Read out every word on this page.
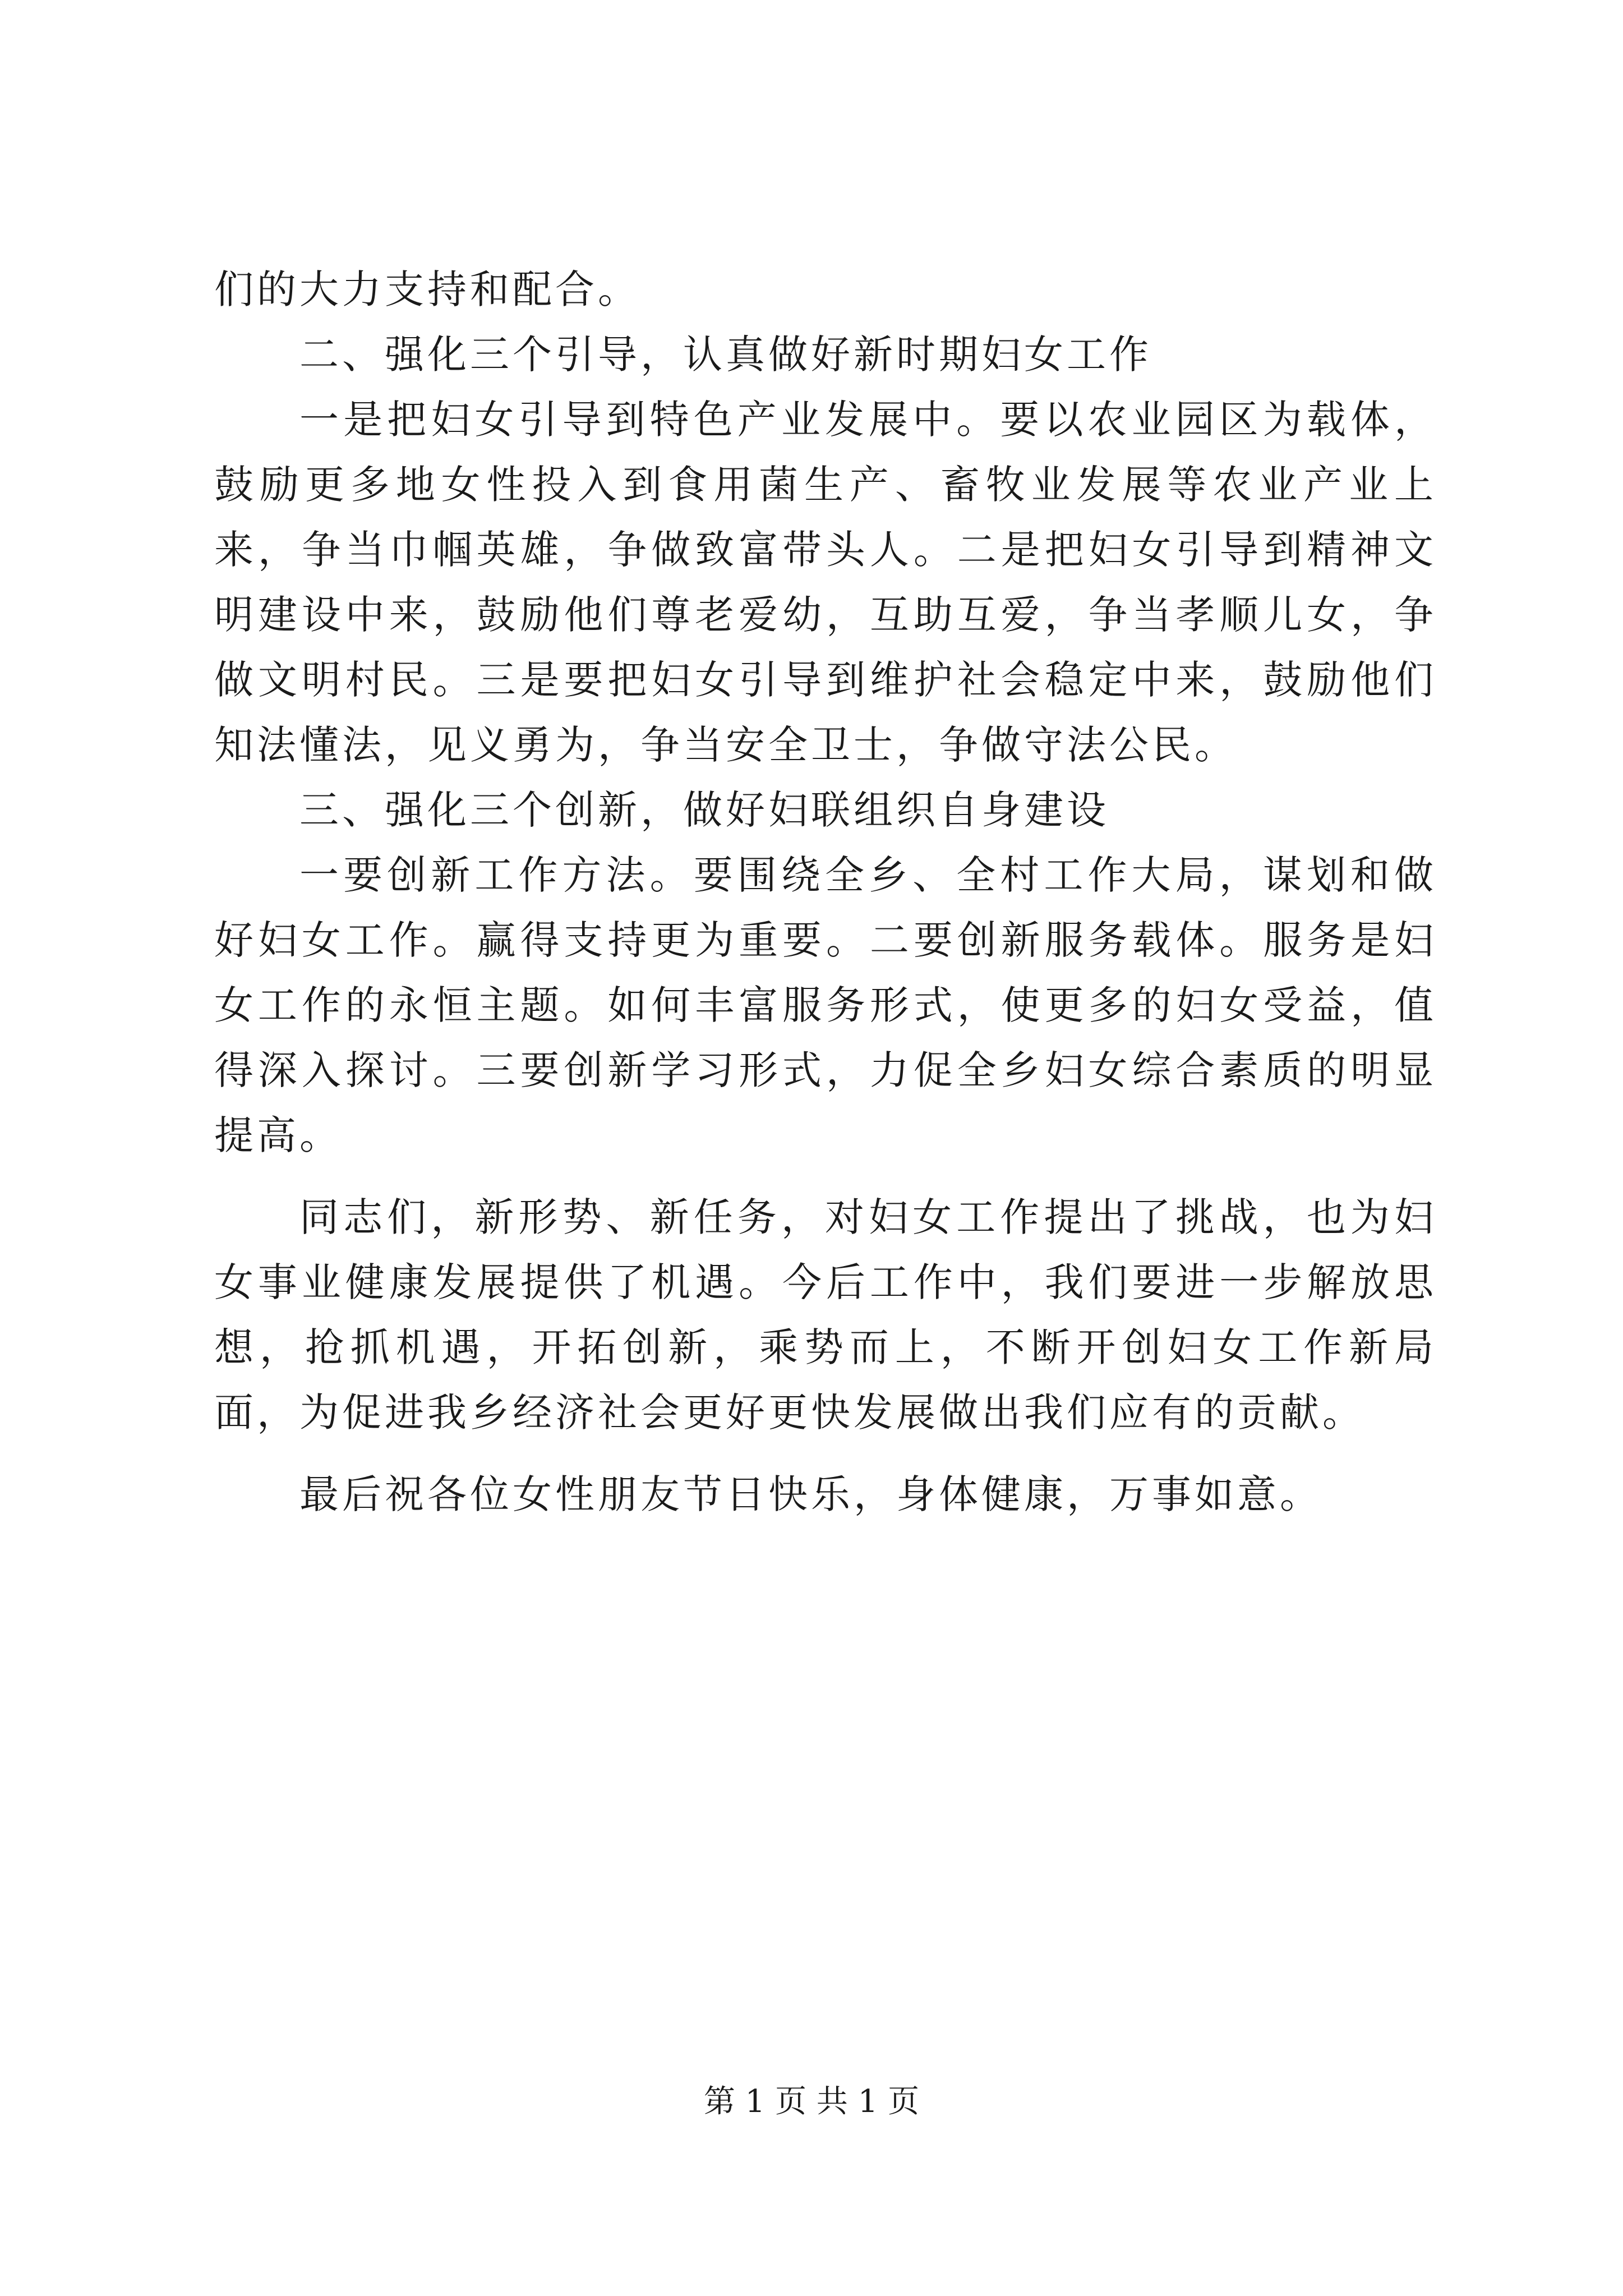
们的大力支持和配合。

二、强化三个引导，认真做好新时期妇女工作

一是把妇女引导到特色产业发展中。要以农业园区为载体，鼓励更多地女性投入到食用菌生产、畜牧业发展等农业产业上来，争当巾帼英雄，争做致富带头人。二是把妇女引导到精神文明建设中来，鼓励他们尊老爱幼，互助互爱，争当孝顺儿女，争做文明村民。三是要把妇女引导到维护社会稳定中来，鼓励他们知法懂法，见义勇为，争当安全卫士，争做守法公民。

三、强化三个创新，做好妇联组织自身建设

一要创新工作方法。要围绕全乡、全村工作大局，谋划和做好妇女工作。赢得支持更为重要。二要创新服务载体。服务是妇女工作的永恒主题。如何丰富服务形式，使更多的妇女受益，值得深入探讨。三要创新学习形式，力促全乡妇女综合素质的明显提高。

同志们，新形势、新任务，对妇女工作提出了挑战，也为妇女事业健康发展提供了机遇。今后工作中，我们要进一步解放思想，抢抓机遇，开拓创新，乘势而上，不断开创妇女工作新局面，为促进我乡经济社会更好更快发展做出我们应有的贡献。

最后祝各位女性朋友节日快乐，身体健康，万事如意。

第 1 页 共 1 页
